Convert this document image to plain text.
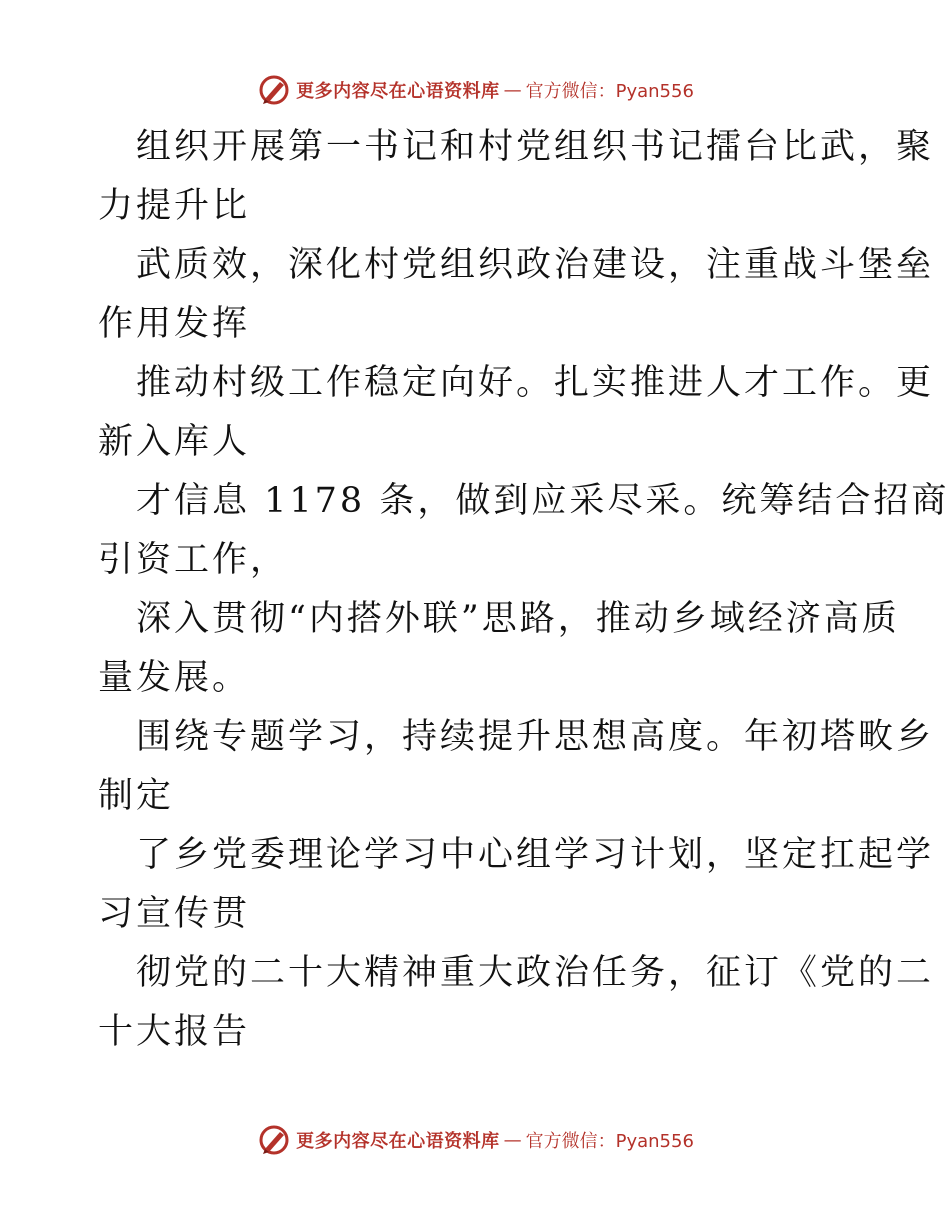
更多内容尽在心语资料库 — 官方微信：Pyan556
组织开展第一书记和村党组织书记擂台比武，聚
力提升比
武质效，深化村党组织政治建设，注重战斗堡垒
作用发挥
推动村级工作稳定向好。扎实推进人才工作。更
新入库人
才信息 1178 条，做到应采尽采。统筹结合招商
引资工作，
深入贯彻“内搭外联”思路，推动乡域经济高质
量发展。
围绕专题学习，持续提升思想高度。年初塔畋乡
制定
了乡党委理论学习中心组学习计划，坚定扛起学
习宣传贯
彻党的二十大精神重大政治任务，征订《党的二
十大报告
更多内容尽在心语资料库 — 官方微信：Pyan556
